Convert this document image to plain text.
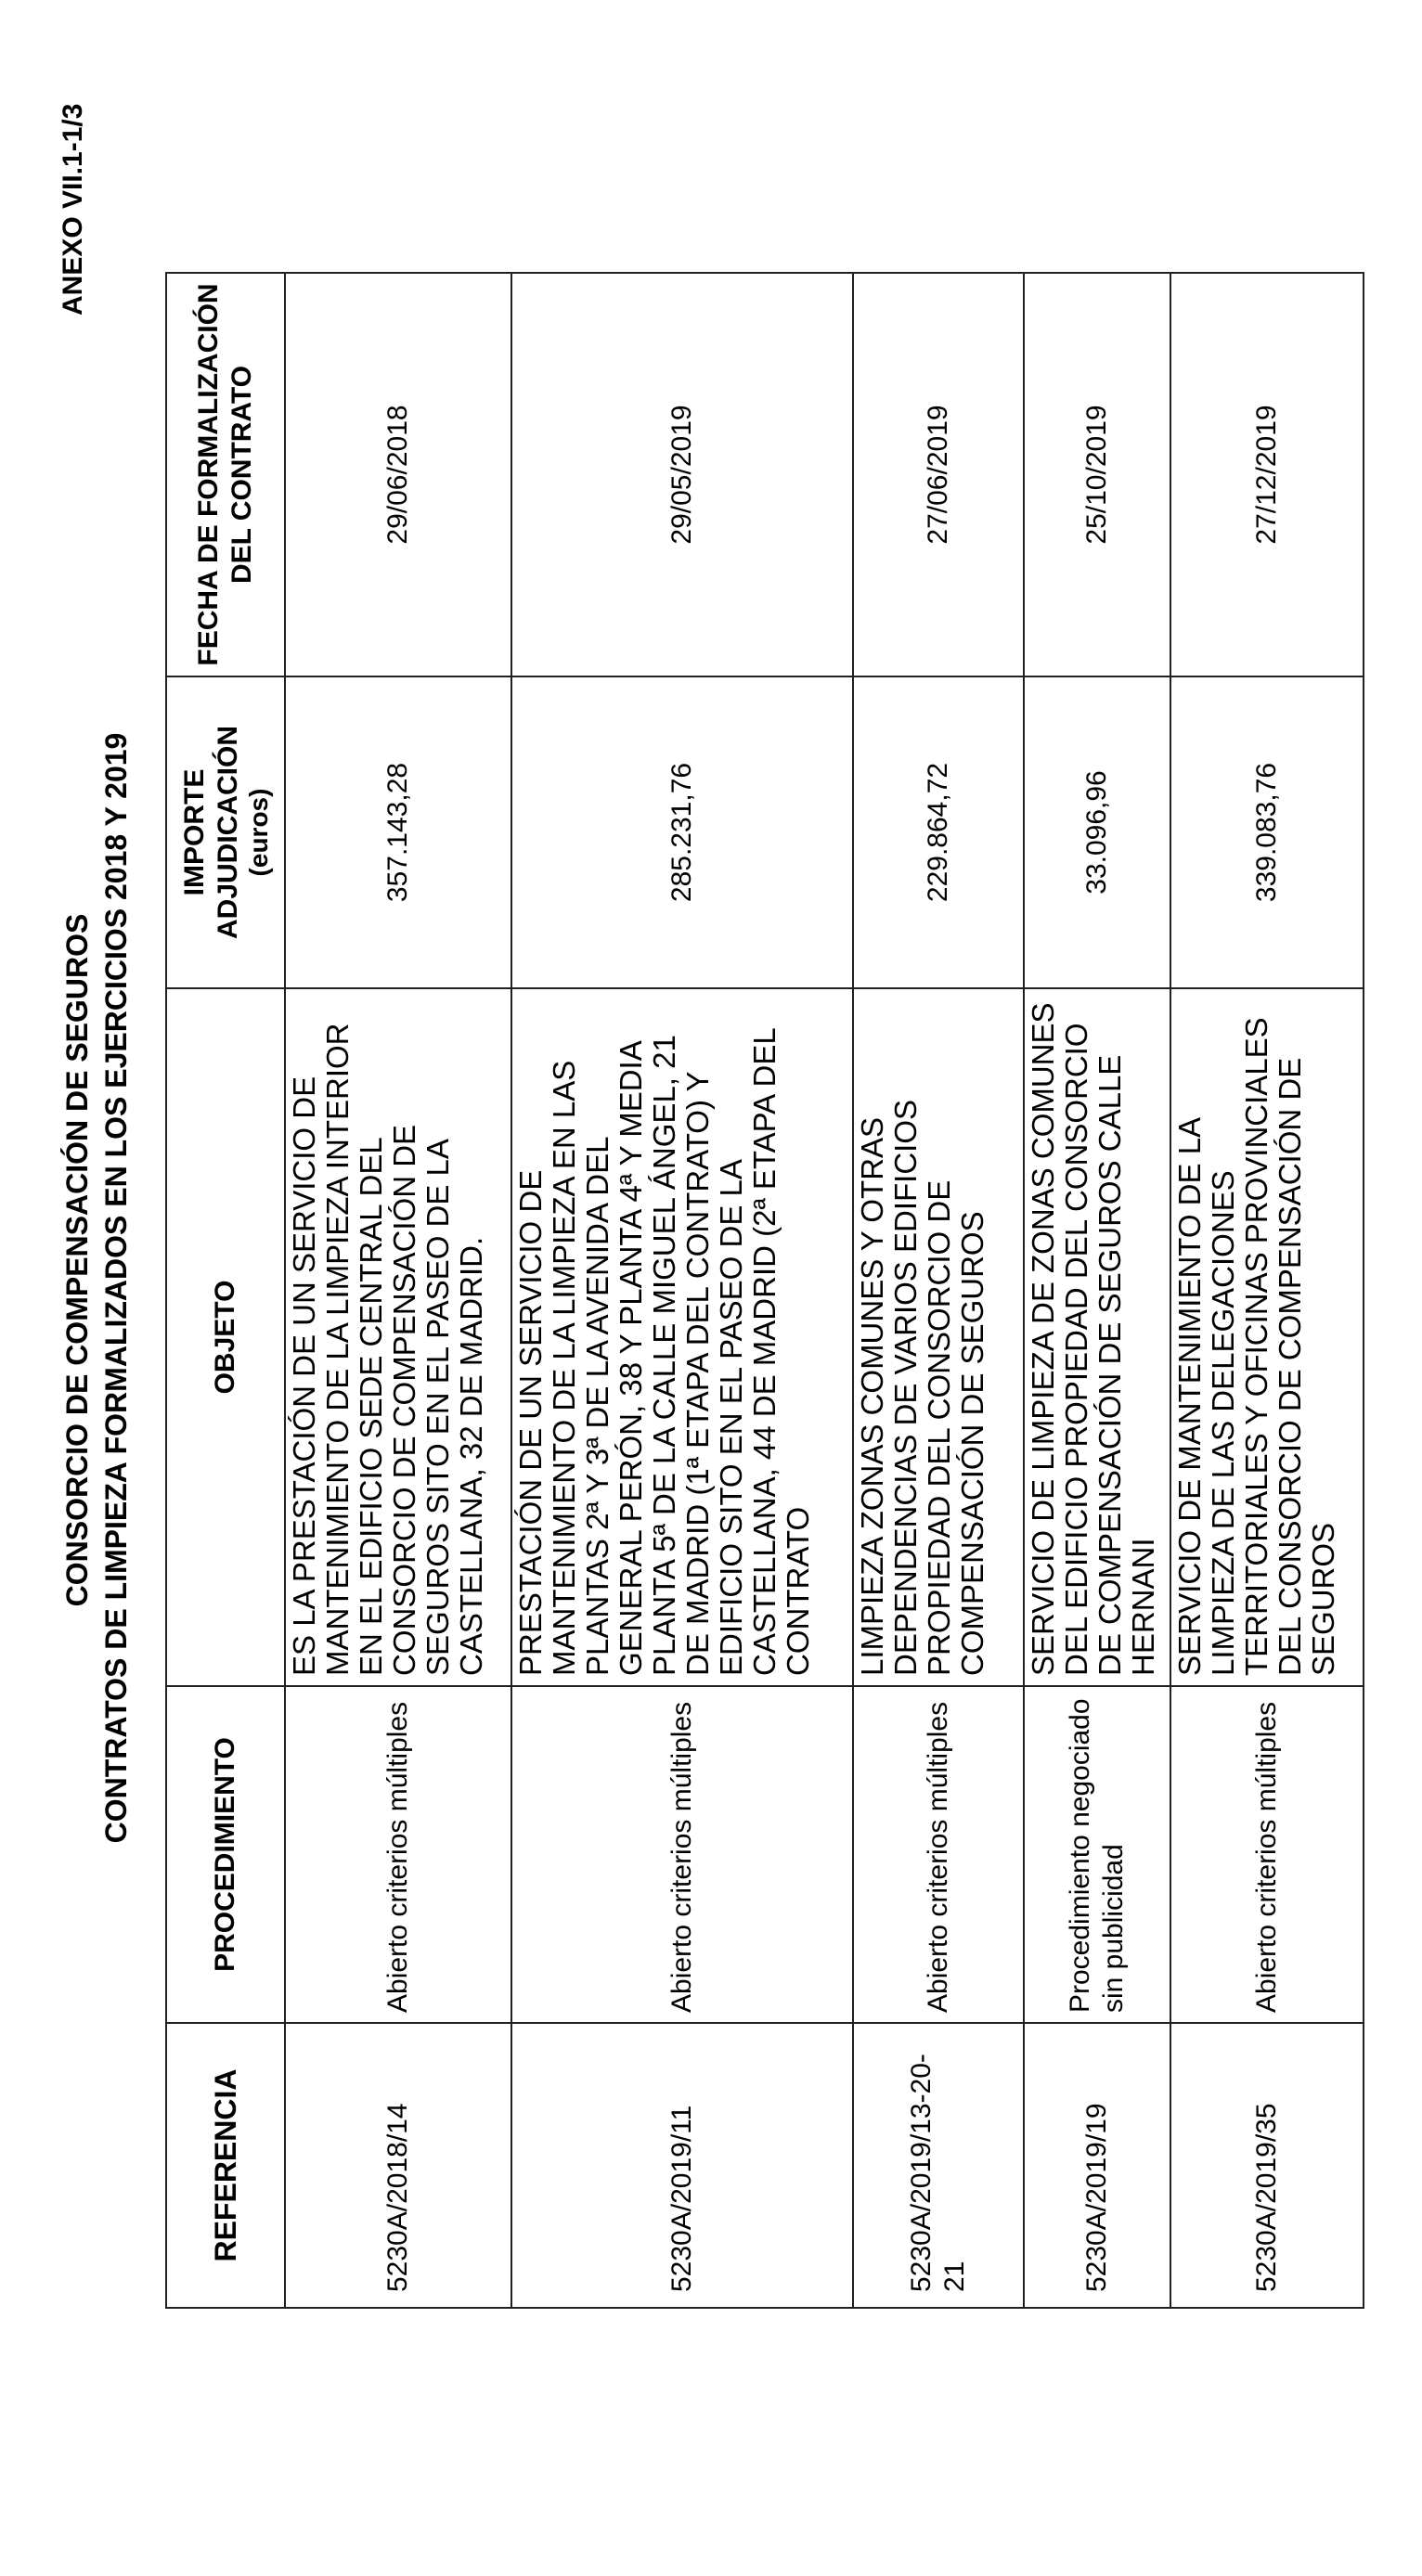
ANEXO VII.1-1/3
CONSORCIO DE COMPENSACIÓN DE SEGUROS CONTRATOS DE LIMPIEZA FORMALIZADOS EN LOS EJERCICIOS 2018 Y 2019
REFERENCIA	PROCEDIMIENTO	OBJETO	IMPORTE ADJUDICACIÓN (euros)	FECHA DE FORMALIZACIÓN DEL CONTRATO
5230A/2018/14	Abierto criterios múltiples	ES LA PRESTACIÓN DE UN SERVICIO DE MANTENIMIENTO DE LA LIMPIEZA INTERIOR EN EL EDIFICIO SEDE CENTRAL DEL CONSORCIO DE COMPENSACIÓN DE SEGUROS SITO EN EL PASEO DE LA CASTELLANA, 32 DE MADRID.	357.143,28	29/06/2018
5230A/2019/11	Abierto criterios múltiples	PRESTACIÓN DE UN SERVICIO DE MANTENIMIENTO DE LA LIMPIEZA EN LAS PLANTAS 2ª Y 3ª DE LA AVENIDA DEL GENERAL PERÓN, 38 Y PLANTA 4ª Y MEDIA PLANTA 5ª DE LA CALLE MIGUEL ÁNGEL, 21 DE MADRID (1ª ETAPA DEL CONTRATO) Y EDIFICIO SITO EN EL PASEO DE LA CASTELLANA, 44 DE MADRID (2ª ETAPA DEL CONTRATO	285.231,76	29/05/2019
5230A/2019/13-20-21	Abierto criterios múltiples	LIMPIEZA ZONAS COMUNES Y OTRAS DEPENDENCIAS DE VARIOS EDIFICIOS PROPIEDAD DEL CONSORCIO DE COMPENSACIÓN DE SEGUROS	229.864,72	27/06/2019
5230A/2019/19	Procedimiento negociado sin publicidad	SERVICIO DE LIMPIEZA DE ZONAS COMUNES DEL EDIFICIO PROPIEDAD DEL CONSORCIO DE COMPENSACIÓN DE SEGUROS CALLE HERNANI	33.096,96	25/10/2019
5230A/2019/35	Abierto criterios múltiples	SERVICIO DE MANTENIMIENTO DE LA LIMPIEZA DE LAS DELEGACIONES TERRITORIALES Y OFICINAS PROVINCIALES DEL CONSORCIO DE COMPENSACIÓN DE SEGUROS	339.083,76	27/12/2019
